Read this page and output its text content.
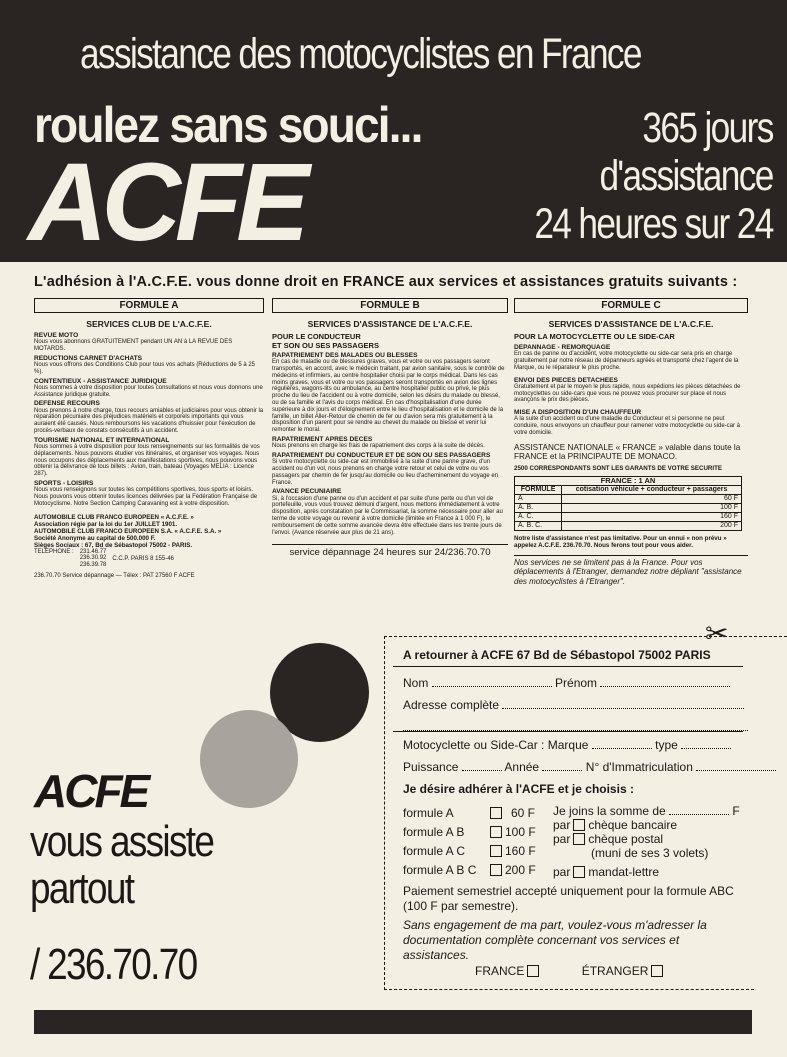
assistance des motocyclistes en France
roulez sans souci...
ACFE
365 jours
d'assistance
24 heures sur 24
L'adhésion à l'A.C.F.E. vous donne droit en FRANCE aux services et assistances gratuits suivants :
FORMULE A
SERVICES CLUB DE L'A.C.F.E.
REVUE MOTO
Nous vous abonnons GRATUITEMENT pendant UN AN à LA REVUE DES MOTARDS.
REDUCTIONS CARNET D'ACHATS
Nous vous offrons des Conditions Club pour tous vos achats (Réductions de 5 à 25 %).
CONTENTIEUX - ASSISTANCE JURIDIQUE
Nous sommes à votre disposition pour toutes consultations et nous vous donnons une Assistance juridique gratuite.
DEFENSE RECOURS
Nous prenons à notre charge, tous recours amiables et judiciaires pour vous obtenir la réparation pécuniaire des préjudices matériels et corporels importants qui vous auraient été causés. Nous remboursons les vacations d'huissier pour l'exécution de procès-verbaux de constats consécutifs à un accident.
TOURISME NATIONAL ET INTERNATIONAL
Nous sommes à votre disposition pour tous renseignements sur les formalités de vos déplacements. Nous pouvons étudier vos itinéraires, et organiser vos voyages. Nous nous occupons des déplacements aux manifestations sportives, nous pouvons vous obtenir la délivrance de tous billets : Avion, train, bateau (Voyages MELIA : Licence 287).
SPORTS - LOISIRS
Nous vous renseignons sur toutes les compétitions sportives, tous sports et loisirs. Nous pouvons vous obtenir toutes licences délivrées par la Fédération Française de Motocyclisme. Notre Section Camping Caravaning est à votre disposition.
AUTOMOBILE CLUB FRANCO EUROPEEN « A.C.F.E. »
Association régie par la loi du 1er JUILLET 1901.
AUTOMOBILE CLUB FRANCO EUROPEEN S.A. « A.C.F.E. S.A. »
Société Anonyme au capital de 500.000 F.
Sièges Sociaux : 67, Bd de Sébastopol 75002 - PARIS.
TELEPHONE : 231.46.77
236.30.92
236.39.78
C.C.P. PARIS 8 155-46
236.70.70 Service dépannage — Télex : PAT 27560 F ACFE
FORMULE B
SERVICES D'ASSISTANCE DE L'A.C.F.E.
POUR LE CONDUCTEUR
ET SON OU SES PASSAGERS
RAPATRIEMENT DES MALADES OU BLESSES
En cas de maladie ou de blessures graves, vous et votre ou vos passagers seront transportés, en accord, avec le médecin traitant, par avion sanitaire, sous le contrôle de médecins et infirmiers, au centre hospitalier choisi par le corps médical. Dans les cas moins graves, vous et votre ou vos passagers seront transportés en avion des lignes régulières, wagons-lits ou ambulance, au centre hospitalier public ou privé, le plus proche du lieu de l'accident ou à votre domicile, selon les désirs du malade ou blessé, ou de sa famille et l'avis du corps médical. En cas d'hospitalisation d'une durée supérieure à dix jours et d'éloignement entre le lieu d'hospitalisation et le domicile de la famille, un billet Aller-Retour de chemin de fer ou d'avion sera mis gratuitement à la disposition d'un parent pour se rendre au chevet du malade ou blessé et venir lui remonter le moral.
RAPATRIEMENT APRES DECES
Nous prenons en charge les frais de rapatriement des corps à la suite de décès.
RAPATRIEMENT DU CONDUCTEUR ET DE SON OU SES PASSAGERS
Si votre motocyclette ou side-car est immobilisé à la suite d'une panne grave, d'un accident ou d'un vol, nous prenons en charge votre retour et celui de votre ou vos passagers par chemin de fer jusqu'au domicile ou lieu d'acheminement du voyage en France.
AVANCE PECUNIAIRE
Si, à l'occasion d'une panne ou d'un accident et par suite d'une perte ou d'un vol de portefeuille, vous vous trouvez démuni d'argent, nous mettons immédiatement à votre disposition, après constatation par le Commissariat, la somme nécessaire pour aller au terme de votre voyage ou revenir à votre domicile (limitée en France à 1 000 F), le remboursement de cette somme avancée devra être effectuée dans les trente jours de l'envoi. (Avance réservée aux plus de 21 ans).
service dépannage 24 heures sur 24/236.70.70
FORMULE C
SERVICES D'ASSISTANCE DE L'A.C.F.E.
POUR LA MOTOCYCLETTE OU LE SIDE-CAR
DEPANNAGE - REMORQUAGE
En cas de panne ou d'accident, votre motocyclette ou side-car sera pris en charge gratuitement par notre réseau de dépanneurs agréés et transporté chez l'agent de la Marque, ou le réparateur le plus proche.
ENVOI DES PIECES DETACHEES
Gratuitement et par le moyen le plus rapide, nous expédions les pièces détachées de motocyclettes ou side-cars que vous ne pouvez vous procurer sur place et nous avançons le prix des pièces.
MISE A DISPOSITION D'UN CHAUFFEUR
A la suite d'un accident ou d'une maladie du Conducteur et si personne ne peut conduire, nous envoyons un chauffeur pour ramener votre motocyclette ou side-car à votre domicile.
ASSISTANCE NATIONALE « FRANCE » valable dans toute la FRANCE et la PRINCIPAUTE DE MONACO.
2500 CORRESPONDANTS SONT LES GARANTS DE VOTRE SECURITE
FRANCE : 1 AN	
FORMULE	cotisation véhicule + conducteur + passagers
A	60 F
A. B.	100 F
A. C.	160 F
A. B. C.	200 F
Notre liste d'assistance n'est pas limitative. Pour un ennui « non prévu » appelez A.C.F.E. 236.70.70. Nous ferons tout pour vous aider.
Nos services ne se limitent pas à la France. Pour vos déplacements à l'Etranger, demandez notre dépliant "assistance des motocyclistes à l'Etranger".
ACFE
vous assiste
partout
/ 236.70.70
✂
A retourner à ACFE 67 Bd de Sébastopol 75002 PARIS
Nom	Prénom
Adresse complète
Motocyclette ou Side-Car : Marque	type
Puissance	Année	N° d'Immatriculation
Je désire adhérer à l'ACFE et je choisis :
formule A	60 F
formule A B	100 F
formule A C	160 F
formule A B C 200 F
Je joins la somme de	F
par chèque bancaire
par chèque postal
(muni de ses 3 volets)
par mandat-lettre
Paiement semestriel accepté uniquement pour la formule ABC (100 F par semestre).
Sans engagement de ma part, voulez-vous m'adresser la documentation complète concernant vos services et assistances.
FRANCE	ÉTRANGER
